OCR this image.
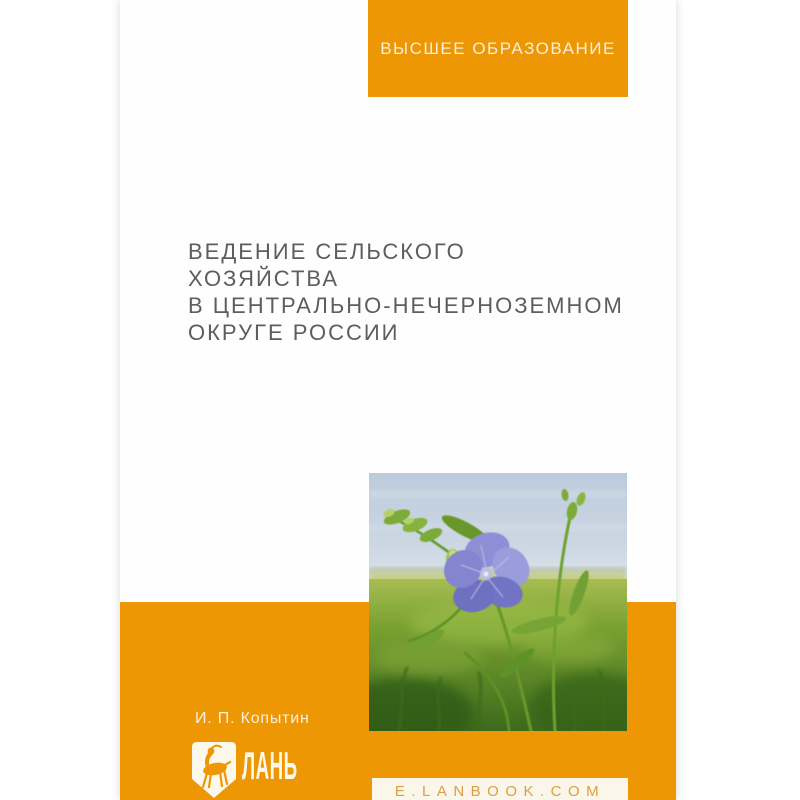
ВЫСШЕЕ ОБРАЗОВАНИЕ
ВЕДЕНИЕ СЕЛЬСКОГО
ХОЗЯЙСТВА
В ЦЕНТРАЛЬНО-НЕЧЕРНОЗЕМНОМ
ОКРУГЕ РОССИИ
И. П. Копытин
ЛАНЬ
E.LANBOOK.COM
